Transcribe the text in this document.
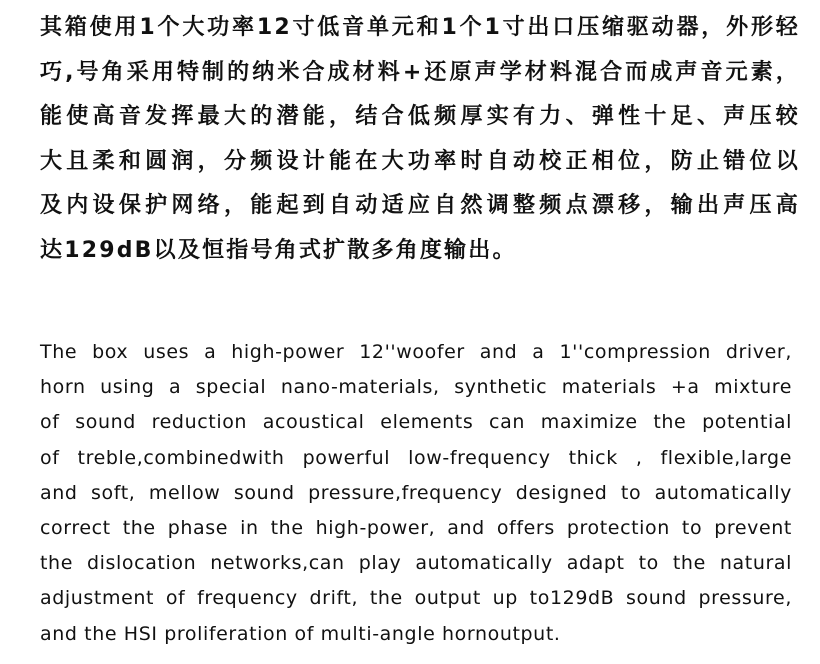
其箱使用1个大功率12寸低音单元和1个1寸出口压缩驱动器，外形轻
巧,号角采用特制的纳米合成材料+还原声学材料混合而成声音元素，
能使高音发挥最大的潜能，结合低频厚实有力、弹性十足、声压较
大且柔和圆润，分频设计能在大功率时自动校正相位，防止错位以
及内设保护网络，能起到自动适应自然调整频点漂移，输出声压高
达129dB以及恒指号角式扩散多角度输出。
The box uses a high-power 12''woofer and a 1''compression driver,
horn using a special nano-materials, synthetic materials +a mixture
of sound reduction acoustical elements can maximize the potential
of treble,combinedwith powerful low-frequency thick , flexible,large
and soft, mellow sound pressure,frequency designed to automatically
correct the phase in the high-power, and offers protection to prevent
the dislocation networks,can play automatically adapt to the natural
adjustment of frequency drift, the output up to129dB sound pressure,
and the HSI proliferation of multi-angle hornoutput.
